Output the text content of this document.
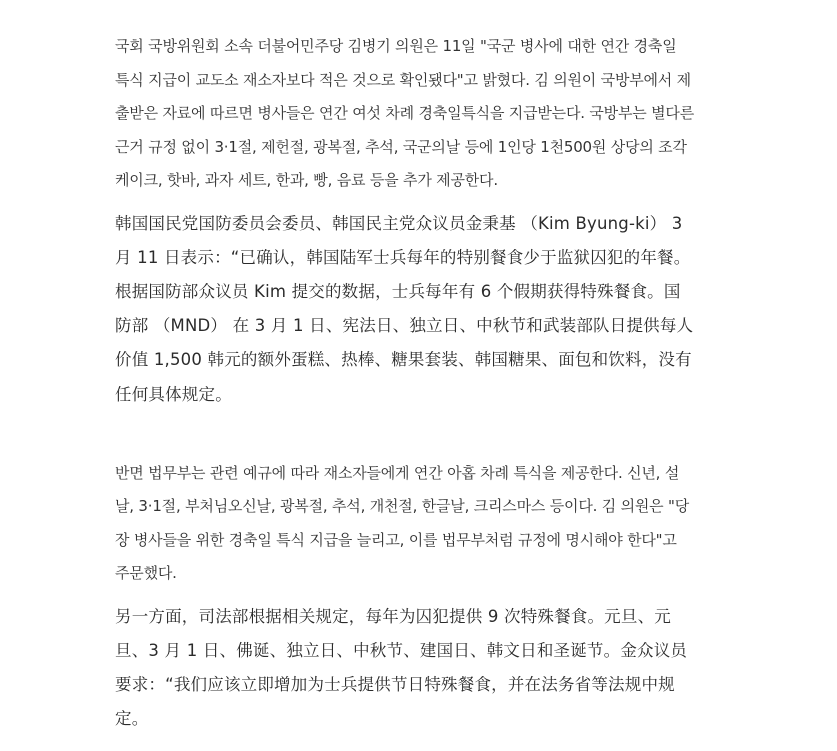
국회 국방위원회 소속 더불어민주당 김병기 의원은 11일 "국군 병사에 대한 연간 경축일 특식 지급이 교도소 재소자보다 적은 것으로 확인됐다"고 밝혔다. 김 의원이 국방부에서 제출받은 자료에 따르면 병사들은 연간 여섯 차례 경축일특식을 지급받는다. 국방부는 별다른 근거 규정 없이 3·1절, 제헌절, 광복절, 추석, 국군의날 등에 1인당 1천500원 상당의 조각 케이크, 핫바, 과자 세트, 한과, 빵, 음료 등을 추가 제공한다.

韩国国民党国防委员会委员、韩国民主党众议员金秉基 （Kim Byung-ki） 3 月 11 日表示：“已确认，韩国陆军士兵每年的特别餐食少于监狱囚犯的年餐。根据国防部众议员 Kim 提交的数据，士兵每年有 6 个假期获得特殊餐食。国防部 （MND） 在 3 月 1 日、宪法日、独立日、中秋节和武装部队日提供每人价值 1,500 韩元的额外蛋糕、热棒、糖果套装、韩国糖果、面包和饮料，没有任何具体规定。

반면 법무부는 관련 예규에 따라 재소자들에게 연간 아홉 차례 특식을 제공한다. 신년, 설날, 3·1절, 부처님오신날, 광복절, 추석, 개천절, 한글날, 크리스마스 등이다. 김 의원은 "당장 병사들을 위한 경축일 특식 지급을 늘리고, 이를 법무부처럼 규정에 명시해야 한다"고 주문했다.

另一方面，司法部根据相关规定，每年为囚犯提供 9 次特殊餐食。元旦、元旦、3 月 1 日、佛诞、独立日、中秋节、建国日、韩文日和圣诞节。金众议员要求：“我们应该立即增加为士兵提供节日特殊餐食，并在法务省等法规中规定。
